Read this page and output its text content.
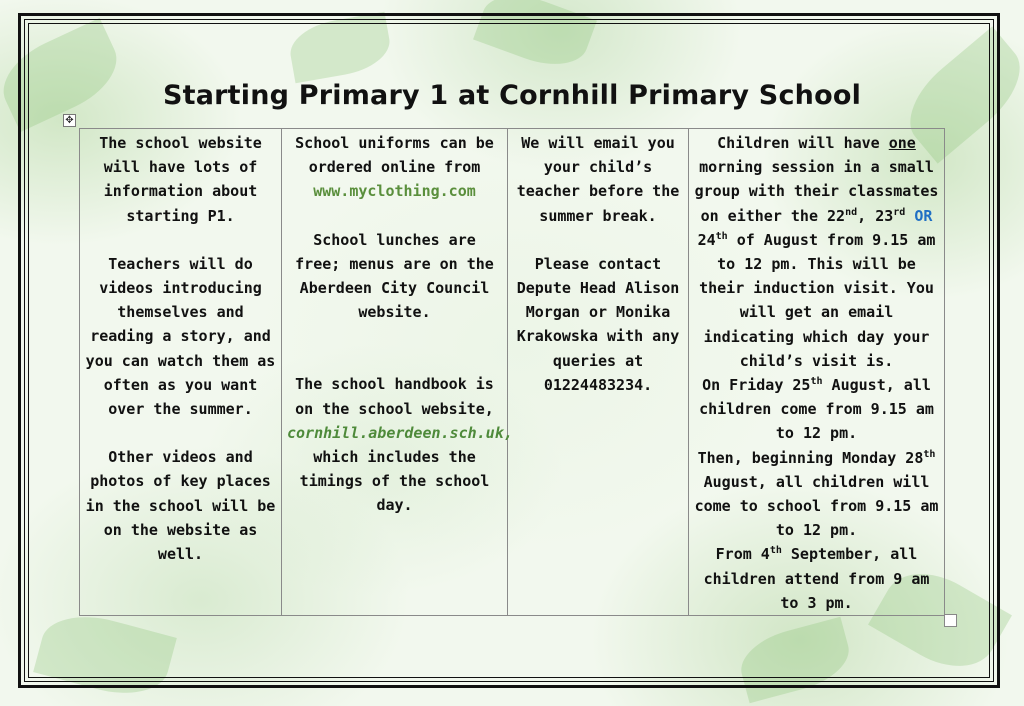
Starting Primary 1 at Cornhill Primary School
✥

The school website will have lots of information about starting P1.

Teachers will do videos introducing themselves and reading a story, and you can watch them as often as you want over the summer.

Other videos and photos of key places in the school will be on the website as well.

School uniforms can be ordered online from www.myclothing.com

School lunches are free; menus are on the Aberdeen City Council website.

The school handbook is on the school website, cornhill.aberdeen.sch.uk, which includes the timings of the school day.

We will email you your child’s teacher before the summer break.

Please contact Depute Head Alison Morgan or Monika Krakowska with any queries at 01224483234.

Children will have one morning session in a small group with their classmates on either the 22nd, 23rd OR 24th of August from 9.15 am to 12 pm. This will be their induction visit. You will get an email indicating which day your child’s visit is.

On Friday 25th August, all children come from 9.15 am to 12 pm.

Then, beginning Monday 28th August, all children will come to school from 9.15 am to 12 pm.

From 4th September, all children attend from 9 am to 3 pm.
